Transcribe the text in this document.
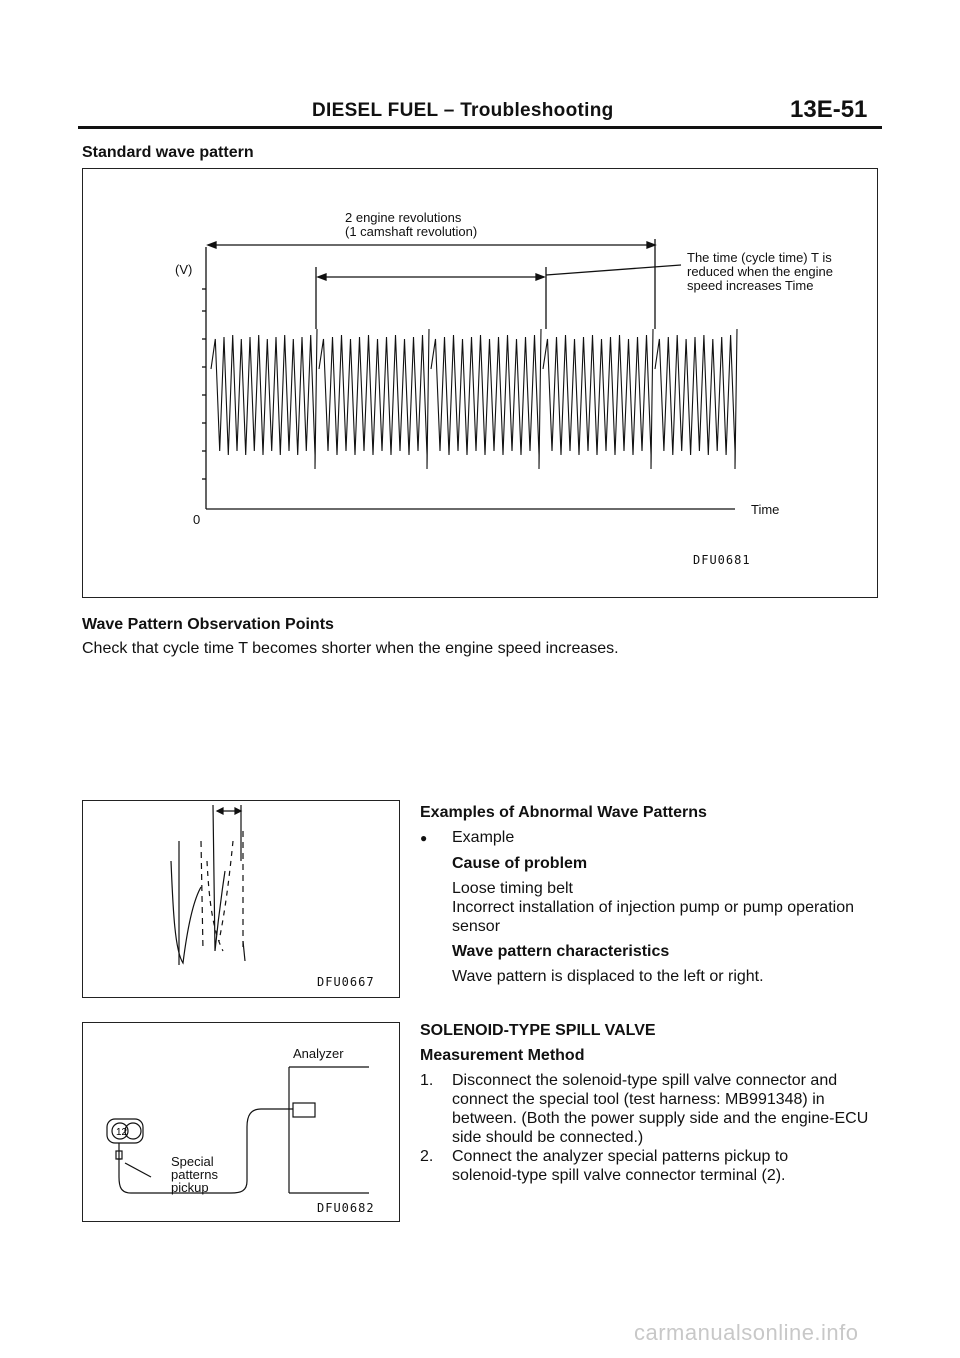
DIESEL FUEL – Troubleshooting	13E-51
Standard wave pattern
2 engine revolutions
(1 camshaft revolution)
(V)
0
Time
The time (cycle time) T is
reduced when the engine
speed increases Time
DFU0681
Wave Pattern Observation Points
Check that cycle time T becomes shorter when the engine speed increases.
DFU0667
Examples of Abnormal Wave Patterns
● Example
Cause of problem
Loose timing belt
Incorrect installation of injection pump or pump operation
sensor
Wave pattern characteristics
Wave pattern is displaced to the left or right.
12
Analyzer
Special
patterns
pickup
DFU0682
SOLENOID-TYPE SPILL VALVE
Measurement Method
1.	Disconnect the solenoid-type spill valve connector and
connect the special tool (test harness: MB991348) in
between. (Both the power supply side and the engine-ECU
side should be connected.)
2.	Connect the analyzer special patterns pickup to
solenoid-type spill valve connector terminal (2).
carmanualsonline.info
